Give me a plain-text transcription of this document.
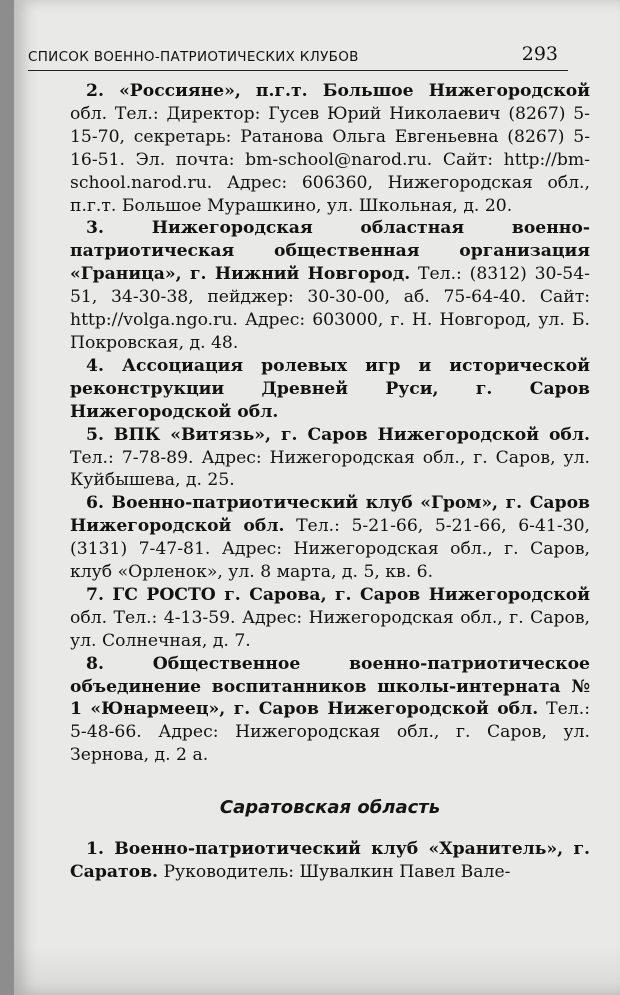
СПИСОК ВОЕННО-ПАТРИОТИЧЕСКИХ КЛУБОВ	293

2. «Россияне», п.г.т. Большое Нижегородской обл. Тел.: Директор: Гусев Юрий Николаевич (8267) 5-15-70, секретарь: Ратанова Ольга Евгеньевна (8267) 5-16-51. Эл. почта: bm-school@narod.ru. Сайт: http://bm-school.narod.ru. Адрес: 606360, Нижегородская обл., п.г.т. Большое Мурашкино, ул. Школьная, д. 20.

3. Нижегородская областная военно-патриотическая общественная организация «Граница», г. Нижний Новгород. Тел.: (8312) 30-54-51, 34-30-38, пейджер: 30-30-00, аб. 75-64-40. Сайт: http://volga.ngo.ru. Адрес: 603000, г. Н. Новгород, ул. Б. Покровская, д. 48.

4. Ассоциация ролевых игр и исторической реконструкции Древней Руси, г. Саров Нижегородской обл.

5. ВПК «Витязь», г. Саров Нижегородской обл. Тел.: 7-78-89. Адрес: Нижегородская обл., г. Саров, ул. Куйбышева, д. 25.

6. Военно-патриотический клуб «Гром», г. Саров Нижегородской обл. Тел.: 5-21-66, 5-21-66, 6-41-30, (3131) 7-47-81. Адрес: Нижегородская обл., г. Саров, клуб «Орленок», ул. 8 марта, д. 5, кв. 6.

7. ГС РОСТО г. Сарова, г. Саров Нижегородской обл. Тел.: 4-13-59. Адрес: Нижегородская обл., г. Саров, ул. Солнечная, д. 7.

8. Общественное военно-патриотическое объединение воспитанников школы-интерната № 1 «Юнармеец», г. Саров Нижегородской обл. Тел.: 5-48-66. Адрес: Нижегородская обл., г. Саров, ул. Зернова, д. 2 а.

Саратовская область

1. Военно-патриотический клуб «Хранитель», г. Саратов. Руководитель: Шувалкин Павел Вале-
